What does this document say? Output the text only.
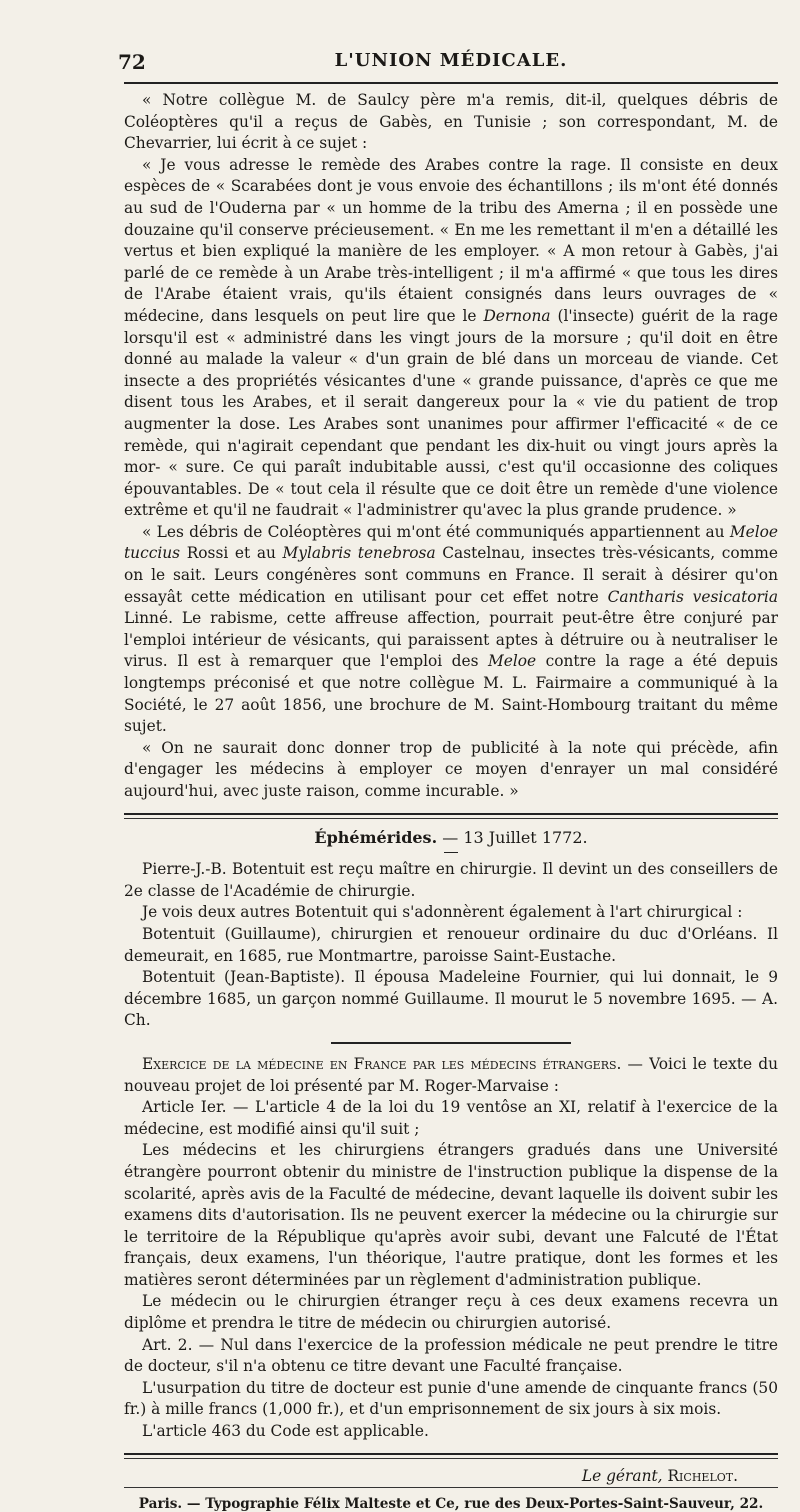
72	L'UNION MÉDICALE.

« Notre collègue M. de Saulcy père m'a remis, dit-il, quelques débris de Coléoptères qu'il a reçus de Gabès, en Tunisie ; son correspondant, M. de Chevarrier, lui écrit à ce sujet :

« Je vous adresse le remède des Arabes contre la rage. Il consiste en deux espèces de « Scarabées dont je vous envoie des échantillons ; ils m'ont été donnés au sud de l'Ouderna par « un homme de la tribu des Amerna ; il en possède une douzaine qu'il conserve précieusement. « En me les remettant il m'en a détaillé les vertus et bien expliqué la manière de les employer. « A mon retour à Gabès, j'ai parlé de ce remède à un Arabe très-intelligent ; il m'a affirmé « que tous les dires de l'Arabe étaient vrais, qu'ils étaient consignés dans leurs ouvrages de « médecine, dans lesquels on peut lire que le Dernona (l'insecte) guérit de la rage lorsqu'il est « administré dans les vingt jours de la morsure ; qu'il doit en être donné au malade la valeur « d'un grain de blé dans un morceau de viande. Cet insecte a des propriétés vésicantes d'une « grande puissance, d'après ce que me disent tous les Arabes, et il serait dangereux pour la « vie du patient de trop augmenter la dose. Les Arabes sont unanimes pour affirmer l'efficacité « de ce remède, qui n'agirait cependant que pendant les dix-huit ou vingt jours après la mor- « sure. Ce qui paraît indubitable aussi, c'est qu'il occasionne des coliques épouvantables. De « tout cela il résulte que ce doit être un remède d'une violence extrême et qu'il ne faudrait « l'administrer qu'avec la plus grande prudence. »

« Les débris de Coléoptères qui m'ont été communiqués appartiennent au Meloe tuccius Rossi et au Mylabris tenebrosa Castelnau, insectes très-vésicants, comme on le sait. Leurs congénères sont communs en France. Il serait à désirer qu'on essayât cette médication en utilisant pour cet effet notre Cantharis vesicatoria Linné. Le rabisme, cette affreuse affection, pourrait peut-être être conjuré par l'emploi intérieur de vésicants, qui paraissent aptes à détruire ou à neutraliser le virus. Il est à remarquer que l'emploi des Meloe contre la rage a été depuis longtemps préconisé et que notre collègue M. L. Fairmaire a communiqué à la Société, le 27 août 1856, une brochure de M. Saint-Hombourg traitant du même sujet.

« On ne saurait donc donner trop de publicité à la note qui précède, afin d'engager les médecins à employer ce moyen d'enrayer un mal considéré aujourd'hui, avec juste raison, comme incurable. »

Éphémérides. — 13 Juillet 1772.

Pierre-J.-B. Botentuit est reçu maître en chirurgie. Il devint un des conseillers de 2e classe de l'Académie de chirurgie.

Je vois deux autres Botentuit qui s'adonnèrent également à l'art chirurgical :

Botentuit (Guillaume), chirurgien et renoueur ordinaire du duc d'Orléans. Il demeurait, en 1685, rue Montmartre, paroisse Saint-Eustache.

Botentuit (Jean-Baptiste). Il épousa Madeleine Fournier, qui lui donnait, le 9 décembre 1685, un garçon nommé Guillaume. Il mourut le 5 novembre 1695. — A. Ch.

Exercice de la médecine en France par les médecins étrangers. — Voici le texte du nouveau projet de loi présenté par M. Roger-Marvaise :

Article Ier. — L'article 4 de la loi du 19 ventôse an XI, relatif à l'exercice de la médecine, est modifié ainsi qu'il suit ;

Les médecins et les chirurgiens étrangers gradués dans une Université étrangère pourront obtenir du ministre de l'instruction publique la dispense de la scolarité, après avis de la Faculté de médecine, devant laquelle ils doivent subir les examens dits d'autorisation. Ils ne peuvent exercer la médecine ou la chirurgie sur le territoire de la République qu'après avoir subi, devant une Falcuté de l'État français, deux examens, l'un théorique, l'autre pratique, dont les formes et les matières seront déterminées par un règlement d'administration publique.

Le médecin ou le chirurgien étranger reçu à ces deux examens recevra un diplôme et prendra le titre de médecin ou chirurgien autorisé.

Art. 2. — Nul dans l'exercice de la profession médicale ne peut prendre le titre de docteur, s'il n'a obtenu ce titre devant une Faculté française.

L'usurpation du titre de docteur est punie d'une amende de cinquante francs (50 fr.) à mille francs (1,000 fr.), et d'un emprisonnement de six jours à six mois.

L'article 463 du Code est applicable.

Le gérant, Richelot.
Paris. — Typographie Félix Malteste et Ce, rue des Deux-Portes-Saint-Sauveur, 22.
